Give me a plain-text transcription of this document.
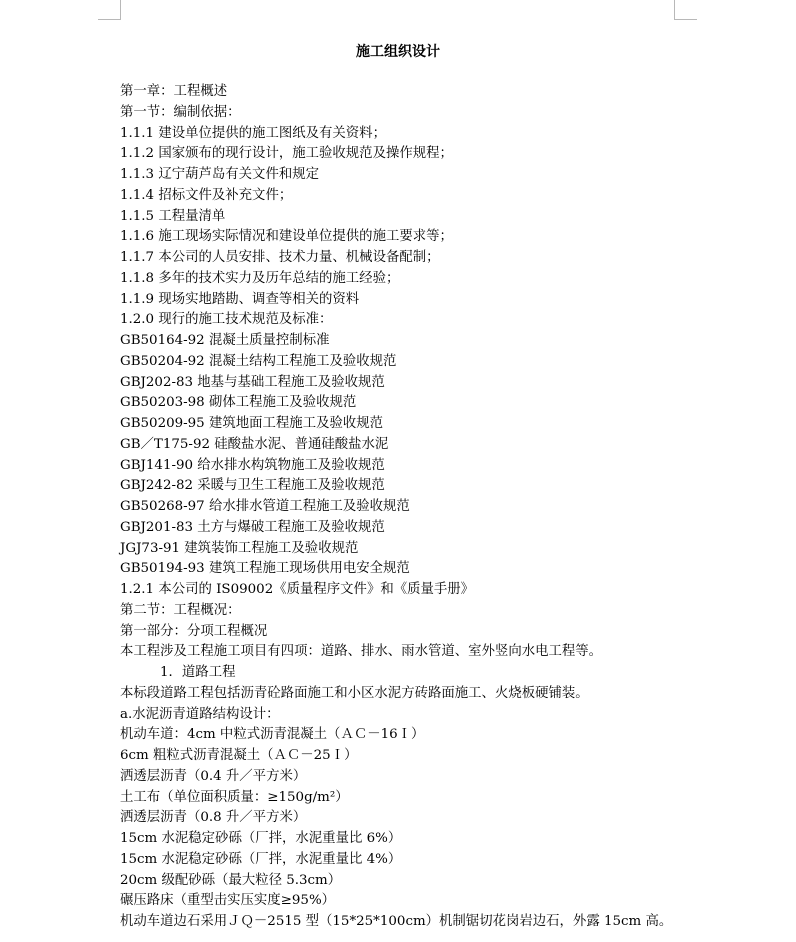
施工组织设计
第一章：工程概述
第一节：编制依据：
1.1.1 建设单位提供的施工图纸及有关资料；
1.1.2 国家颁布的现行设计，施工验收规范及操作规程；
1.1.3 辽宁葫芦岛有关文件和规定
1.1.4 招标文件及补充文件；
1.1.5 工程量清单
1.1.6 施工现场实际情况和建设单位提供的施工要求等；
1.1.7 本公司的人员安排、技术力量、机械设备配制；
1.1.8 多年的技术实力及历年总结的施工经验；
1.1.9 现场实地踏勘、调查等相关的资料
1.2.0 现行的施工技术规范及标准：
GB50164-92 混凝土质量控制标准
GB50204-92 混凝土结构工程施工及验收规范
GBJ202-83 地基与基础工程施工及验收规范
GB50203-98 砌体工程施工及验收规范
GB50209-95 建筑地面工程施工及验收规范
GB／T175-92 硅酸盐水泥、普通硅酸盐水泥
GBJ141-90 给水排水构筑物施工及验收规范
GBJ242-82 采暖与卫生工程施工及验收规范
GB50268-97 给水排水管道工程施工及验收规范
GBJ201-83 土方与爆破工程施工及验收规范
JGJ73-91 建筑装饰工程施工及验收规范
GB50194-93 建筑工程施工现场供用电安全规范
1.2.1 本公司的 IS09002《质量程序文件》和《质量手册》
第二节：工程概况：
第一部分：分项工程概况
本工程涉及工程施工项目有四项：道路、排水、雨水管道、室外竖向水电工程等。
1．道路工程
本标段道路工程包括沥青砼路面施工和小区水泥方砖路面施工、火烧板硬铺装。
a.水泥沥青道路结构设计：
机动车道：4cm 中粒式沥青混凝土（ＡＣ－16Ｉ）
6cm 粗粒式沥青混凝土（ＡＣ－25Ｉ）
洒透层沥青（0.4 升／平方米）
土工布（单位面积质量：≥150g/m²）
洒透层沥青（0.8 升／平方米）
15cm 水泥稳定砂砾（厂拌，水泥重量比 6%）
15cm 水泥稳定砂砾（厂拌，水泥重量比 4%）
20cm 级配砂砾（最大粒径 5.3cm）
碾压路床（重型击实压实度≥95%）
机动车道边石采用ＪＱ－2515 型（15*25*100cm）机制锯切花岗岩边石，外露 15cm 高。
